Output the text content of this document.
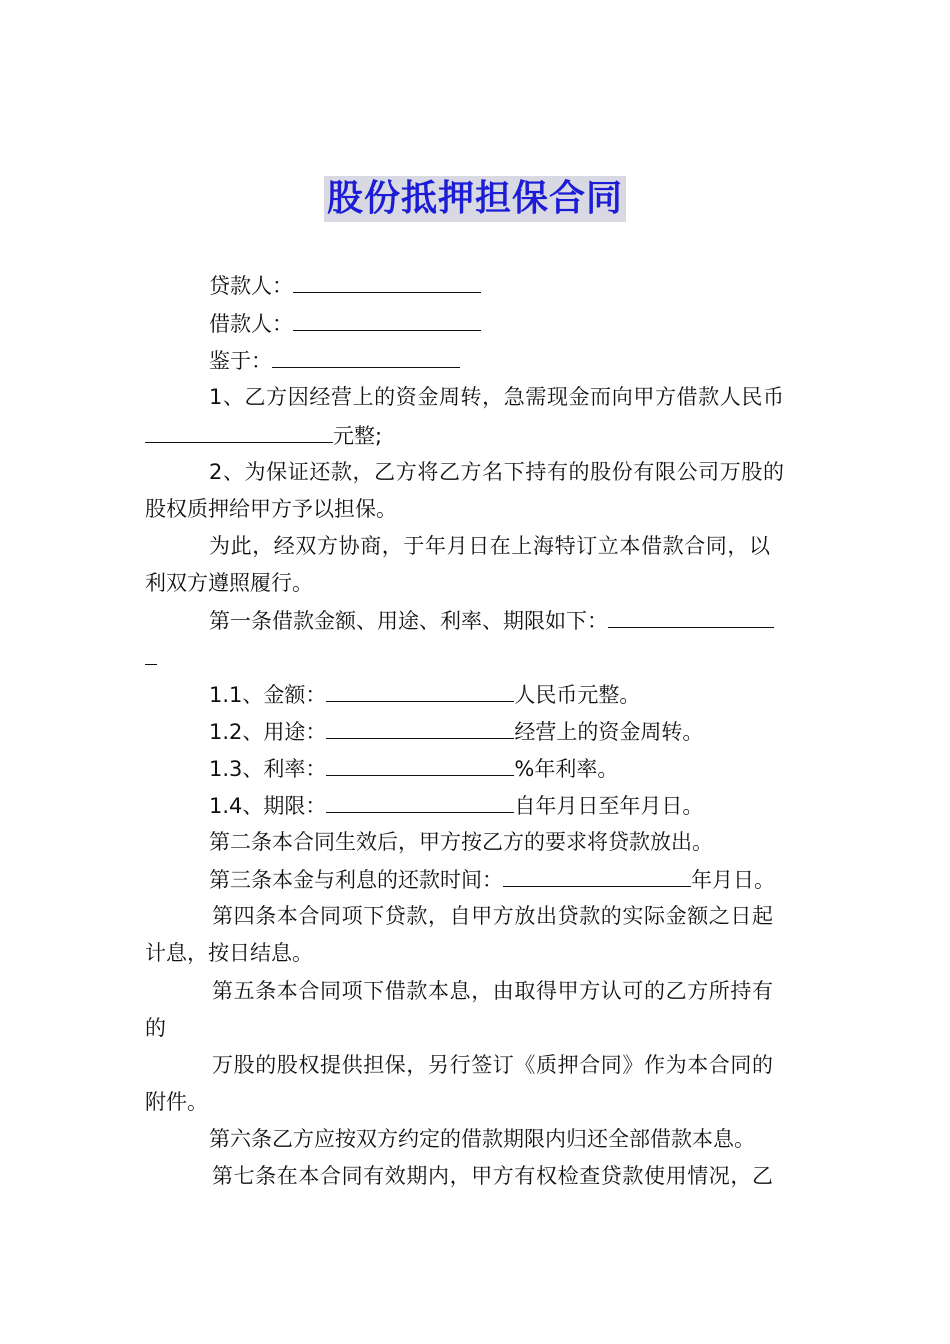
股份抵押担保合同
贷款人：
借款人：
鉴于：
1、乙方因经营上的资金周转，急需现金而向甲方借款人民币
元整;
2、为保证还款，乙方将乙方名下持有的股份有限公司万股的
股权质押给甲方予以担保。
为此，经双方协商，于年月日在上海特订立本借款合同，以
利双方遵照履行。
第一条借款金额、用途、利率、期限如下：
1.1、金额：	人民币元整。
1.2、用途：	经营上的资金周转。
1.3、利率：	%年利率。
1.4、期限：	自年月日至年月日。
第二条本合同生效后，甲方按乙方的要求将贷款放出。
第三条本金与利息的还款时间：	年月日。
第四条本合同项下贷款，自甲方放出贷款的实际金额之日起
计息，按日结息。
第五条本合同项下借款本息，由取得甲方认可的乙方所持有
的
万股的股权提供担保，另行签订《质押合同》作为本合同的
附件。
第六条乙方应按双方约定的借款期限内归还全部借款本息。
第七条在本合同有效期内，甲方有权检查贷款使用情况，乙
